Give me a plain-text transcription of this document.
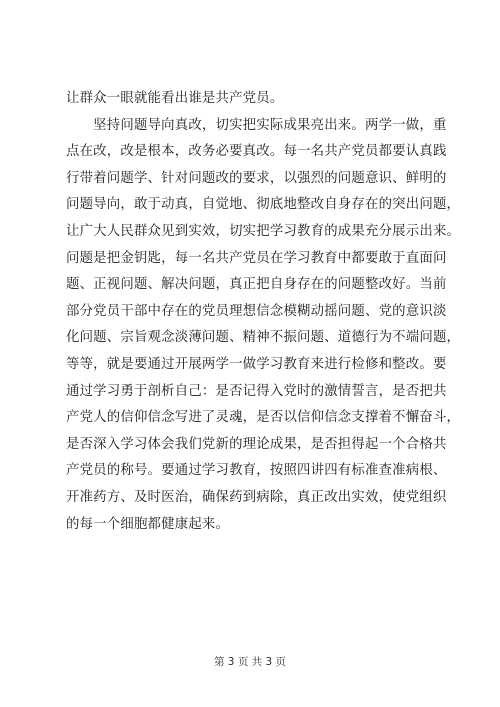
让群众一眼就能看出谁是共产党员。
　　坚持问题导向真改，切实把实际成果亮出来。两学一做，重
点在改，改是根本，改务必要真改。每一名共产党员都要认真践
行带着问题学、针对问题改的要求，以强烈的问题意识、鲜明的
问题导向，敢于动真，自觉地、彻底地整改自身存在的突出问题，
让广大人民群众见到实效，切实把学习教育的成果充分展示出来。
问题是把金钥匙，每一名共产党员在学习教育中都要敢于直面问
题、正视问题、解决问题，真正把自身存在的问题整改好。当前
部分党员干部中存在的党员理想信念模糊动摇问题、党的意识淡
化问题、宗旨观念淡薄问题、精神不振问题、道德行为不端问题，
等等，就是要通过开展两学一做学习教育来进行检修和整改。要
通过学习勇于剖析自己：是否记得入党时的激情誓言，是否把共
产党人的信仰信念写进了灵魂，是否以信仰信念支撑着不懈奋斗，
是否深入学习体会我们党新的理论成果，是否担得起一个合格共
产党员的称号。要通过学习教育，按照四讲四有标准查准病根、
开准药方、及时医治，确保药到病除，真正改出实效，使党组织
的每一个细胞都健康起来。
第 3 页 共 3 页
